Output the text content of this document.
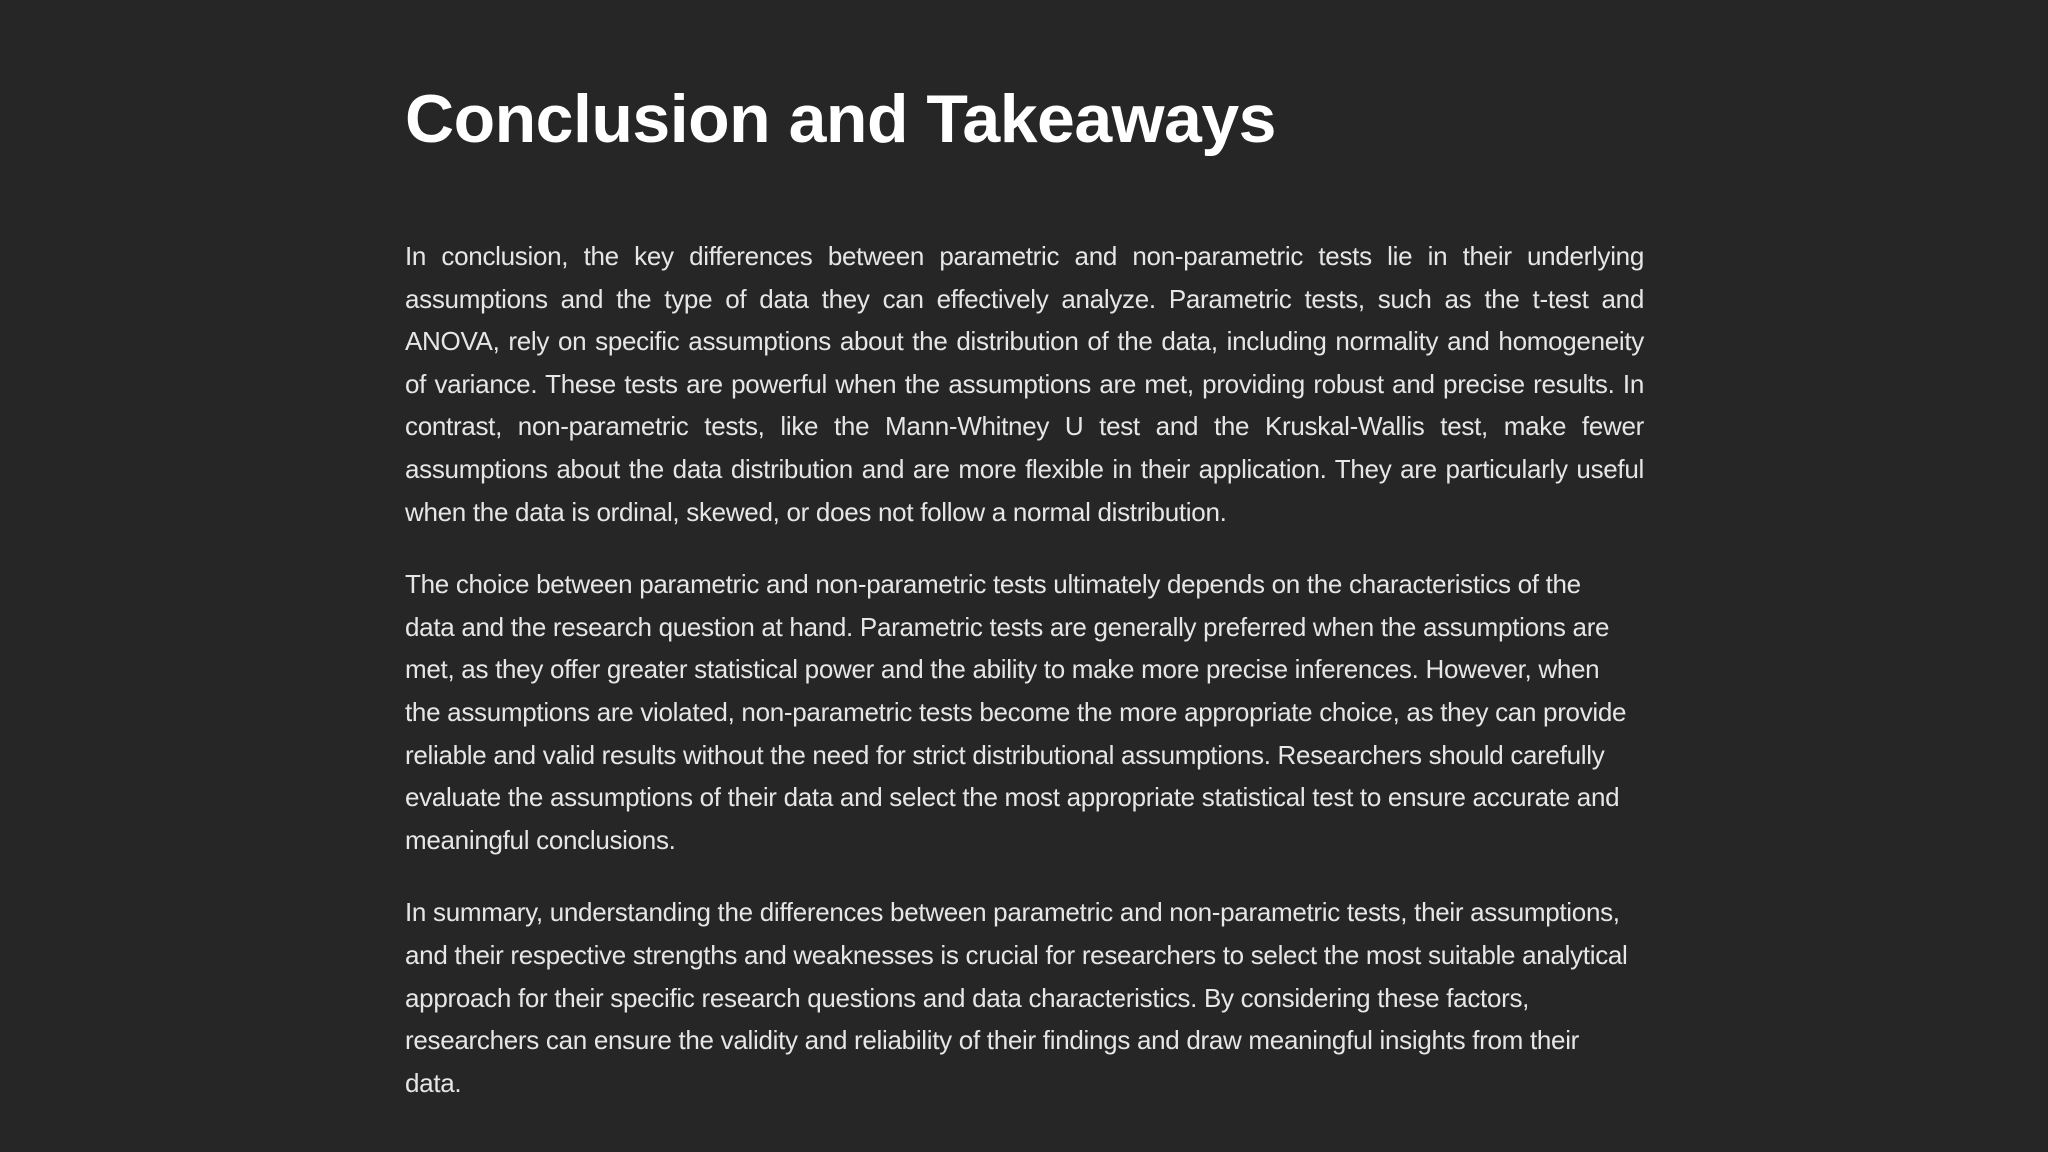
Conclusion and Takeaways

In conclusion, the key differences between parametric and non-parametric tests lie in their underlying assumptions and the type of data they can effectively analyze. Parametric tests, such as the t-test and ANOVA, rely on specific assumptions about the distribution of the data, including normality and homogeneity of variance. These tests are powerful when the assumptions are met, providing robust and precise results. In contrast, non-parametric tests, like the Mann-Whitney U test and the Kruskal-Wallis test, make fewer assumptions about the data distribution and are more flexible in their application. They are particularly useful when the data is ordinal, skewed, or does not follow a normal distribution.

The choice between parametric and non-parametric tests ultimately depends on the characteristics of the data and the research question at hand. Parametric tests are generally preferred when the assumptions are met, as they offer greater statistical power and the ability to make more precise inferences. However, when the assumptions are violated, non-parametric tests become the more appropriate choice, as they can provide reliable and valid results without the need for strict distributional assumptions. Researchers should carefully evaluate the assumptions of their data and select the most appropriate statistical test to ensure accurate and meaningful conclusions.

In summary, understanding the differences between parametric and non-parametric tests, their assumptions, and their respective strengths and weaknesses is crucial for researchers to select the most suitable analytical approach for their specific research questions and data characteristics. By considering these factors, researchers can ensure the validity and reliability of their findings and draw meaningful insights from their data.
